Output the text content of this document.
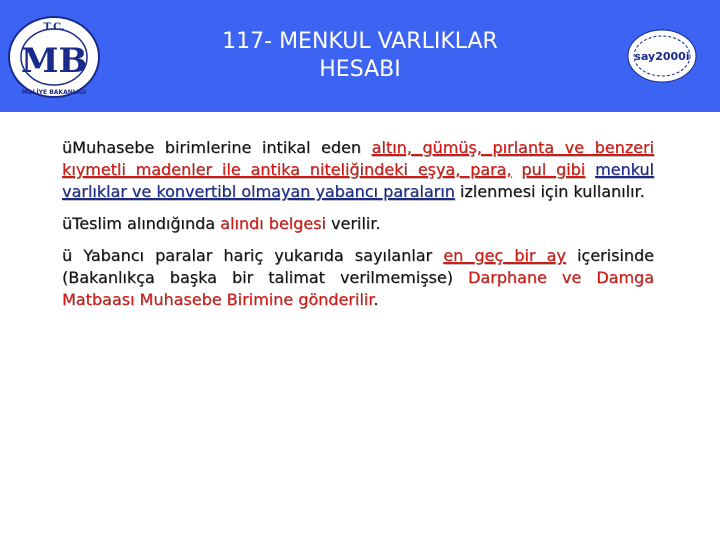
T.C.
MB
MALİYE BAKANLIĞI
117- MENKUL VARLIKLAR
HESABI
say2000i

üMuhasebe birimlerine intikal eden altın, gümüş, pırlanta ve benzeri kıymetli madenler ile antika niteliğindeki eşya, para, pul gibi menkul varlıklar ve konvertibl olmayan yabancı paraların izlenmesi için kullanılır.

üTeslim alındığında alındı belgesi verilir.

ü Yabancı paralar hariç yukarıda sayılanlar en geç bir ay içerisinde (Bakanlıkça başka bir talimat verilmemişse) Darphane ve Damga Matbaası Muhasebe Birimine gönderilir.
